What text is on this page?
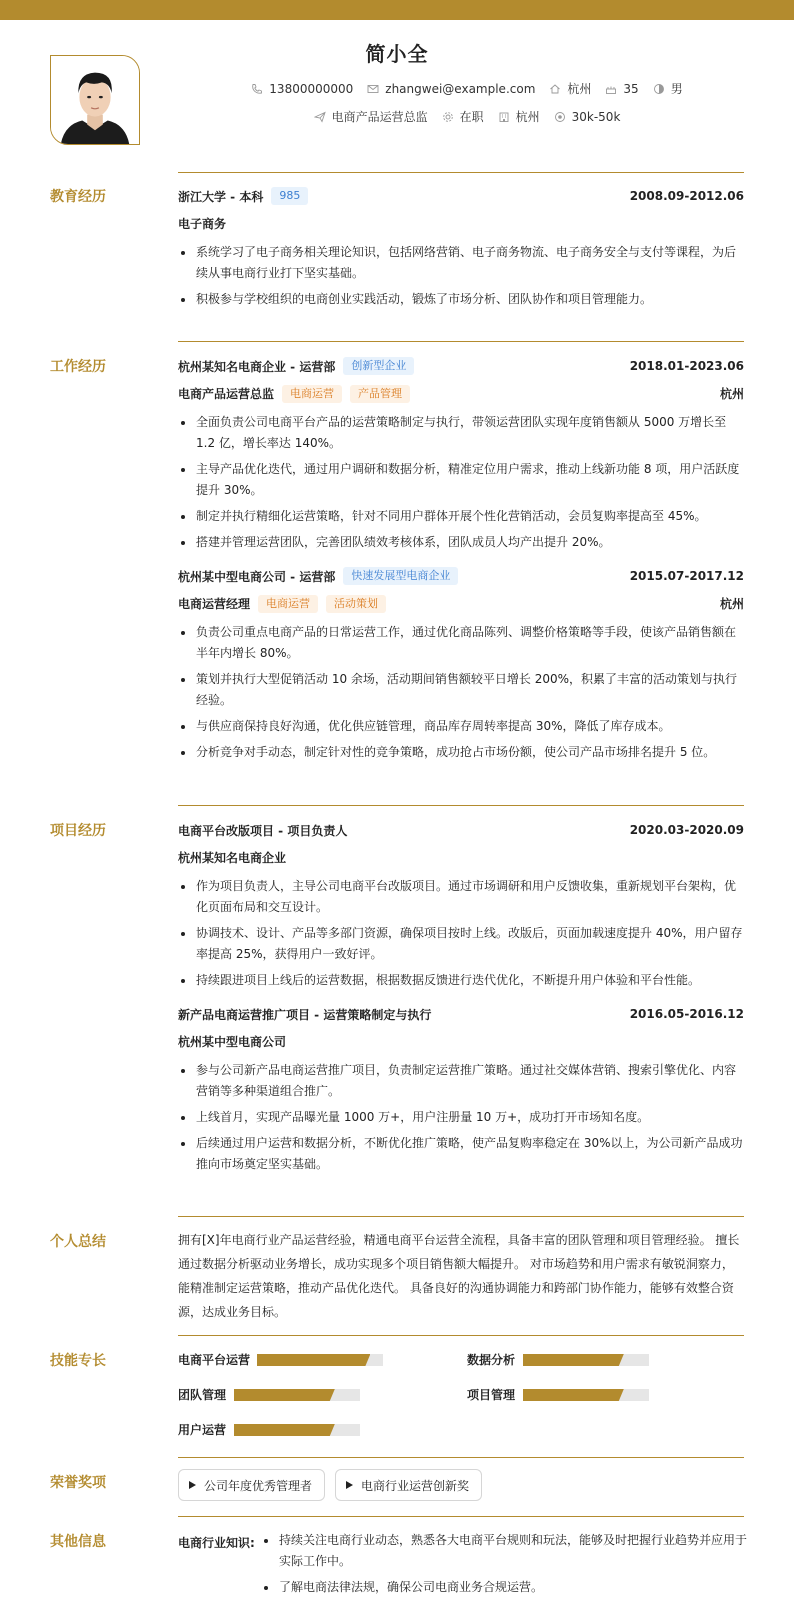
简小全
13800000000	zhangwei@example.com	杭州	35	男
电商产品运营总监	在职	杭州	30k-50k
教育经历	浙江大学 - 本科	985	2008.09-2012.06
电子商务
系统学习了电子商务相关理论知识，包括网络营销、电子商务物流、电子商务安全与支付等课程，为后续从事电商行业打下坚实基础。
积极参与学校组织的电商创业实践活动，锻炼了市场分析、团队协作和项目管理能力。
工作经历	杭州某知名电商企业 - 运营部	创新型企业	2018.01-2023.06
电商产品运营总监	电商运营	产品管理	杭州
全面负责公司电商平台产品的运营策略制定与执行，带领运营团队实现年度销售额从 5000 万增长至 1.2 亿，增长率达 140%。
主导产品优化迭代，通过用户调研和数据分析，精准定位用户需求，推动上线新功能 8 项，用户活跃度提升 30%。
制定并执行精细化运营策略，针对不同用户群体开展个性化营销活动，会员复购率提高至 45%。
搭建并管理运营团队，完善团队绩效考核体系，团队成员人均产出提升 20%。
杭州某中型电商公司 - 运营部	快速发展型电商企业	2015.07-2017.12
电商运营经理	电商运营	活动策划	杭州
负责公司重点电商产品的日常运营工作，通过优化商品陈列、调整价格策略等手段，使该产品销售额在半年内增长 80%。
策划并执行大型促销活动 10 余场，活动期间销售额较平日增长 200%，积累了丰富的活动策划与执行经验。
与供应商保持良好沟通，优化供应链管理，商品库存周转率提高 30%，降低了库存成本。
分析竞争对手动态，制定针对性的竞争策略，成功抢占市场份额，使公司产品市场排名提升 5 位。
项目经历	电商平台改版项目 - 项目负责人	2020.03-2020.09
杭州某知名电商企业
作为项目负责人，主导公司电商平台改版项目。通过市场调研和用户反馈收集，重新规划平台架构，优化页面布局和交互设计。
协调技术、设计、产品等多部门资源，确保项目按时上线。改版后，页面加载速度提升 40%，用户留存率提高 25%，获得用户一致好评。
持续跟进项目上线后的运营数据，根据数据反馈进行迭代优化，不断提升用户体验和平台性能。
新产品电商运营推广项目 - 运营策略制定与执行	2016.05-2016.12
杭州某中型电商公司
参与公司新产品电商运营推广项目，负责制定运营推广策略。通过社交媒体营销、搜索引擎优化、内容营销等多种渠道组合推广。
上线首月，实现产品曝光量 1000 万+，用户注册量 10 万+，成功打开市场知名度。
后续通过用户运营和数据分析，不断优化推广策略，使产品复购率稳定在 30%以上，为公司新产品成功推向市场奠定坚实基础。
个人总结	拥有[X]年电商行业产品运营经验，精通电商平台运营全流程，具备丰富的团队管理和项目管理经验。 擅长通过数据分析驱动业务增长，成功实现多个项目销售额大幅提升。 对市场趋势和用户需求有敏锐洞察力，能精准制定运营策略，推动产品优化迭代。 具备良好的沟通协调能力和跨部门协作能力，能够有效整合资源，达成业务目标。
技能专长	电商平台运营	数据分析
团队管理	项目管理
用户运营
荣誉奖项	公司年度优秀管理者	电商行业运营创新奖
其他信息	电商行业知识:	持续关注电商行业动态，熟悉各大电商平台规则和玩法，能够及时把握行业趋势并应用于实际工作中。
了解电商法律法规，确保公司电商业务合规运营。
